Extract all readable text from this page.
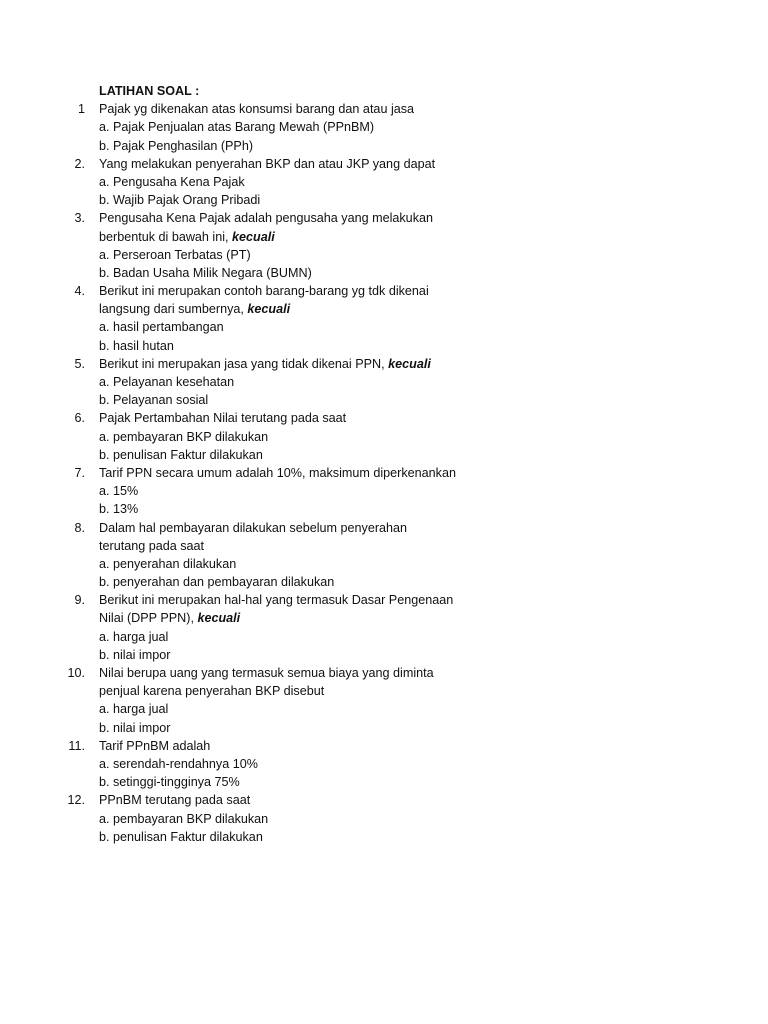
LATIHAN SOAL :
1 Pajak yg dikenakan atas konsumsi barang dan atau jasa
a. Pajak Penjualan atas Barang Mewah (PPnBM)
b. Pajak Penghasilan (PPh)
2. Yang melakukan penyerahan BKP dan atau JKP yang dapat
a. Pengusaha Kena Pajak
b. Wajib Pajak Orang Pribadi
3. Pengusaha Kena Pajak adalah pengusaha yang melakukan
berbentuk di bawah ini, kecuali
a. Perseroan Terbatas (PT)
b. Badan Usaha Milik Negara (BUMN)
4. Berikut ini merupakan contoh barang-barang yg tdk dikenai
langsung dari sumbernya, kecuali
a. hasil pertambangan
b. hasil hutan
5. Berikut ini merupakan jasa yang tidak dikenai PPN, kecuali
a. Pelayanan kesehatan
b. Pelayanan sosial
6. Pajak Pertambahan Nilai terutang pada saat
a. pembayaran BKP dilakukan
b. penulisan Faktur dilakukan
7. Tarif PPN secara umum adalah 10%, maksimum diperkenankan
a. 15%
b. 13%
8. Dalam hal pembayaran dilakukan sebelum penyerahan
terutang pada saat
a. penyerahan dilakukan
b. penyerahan dan pembayaran dilakukan
9. Berikut ini merupakan hal-hal yang termasuk Dasar Pengenaan
Nilai (DPP PPN), kecuali
a. harga jual
b. nilai impor
10. Nilai berupa uang yang termasuk semua biaya yang diminta
penjual karena penyerahan BKP disebut
a. harga jual
b. nilai impor
11. Tarif PPnBM adalah
a. serendah-rendahnya 10%
b. setinggi-tingginya 75%
12. PPnBM terutang pada saat
a. pembayaran BKP dilakukan
b. penulisan Faktur dilakukan
